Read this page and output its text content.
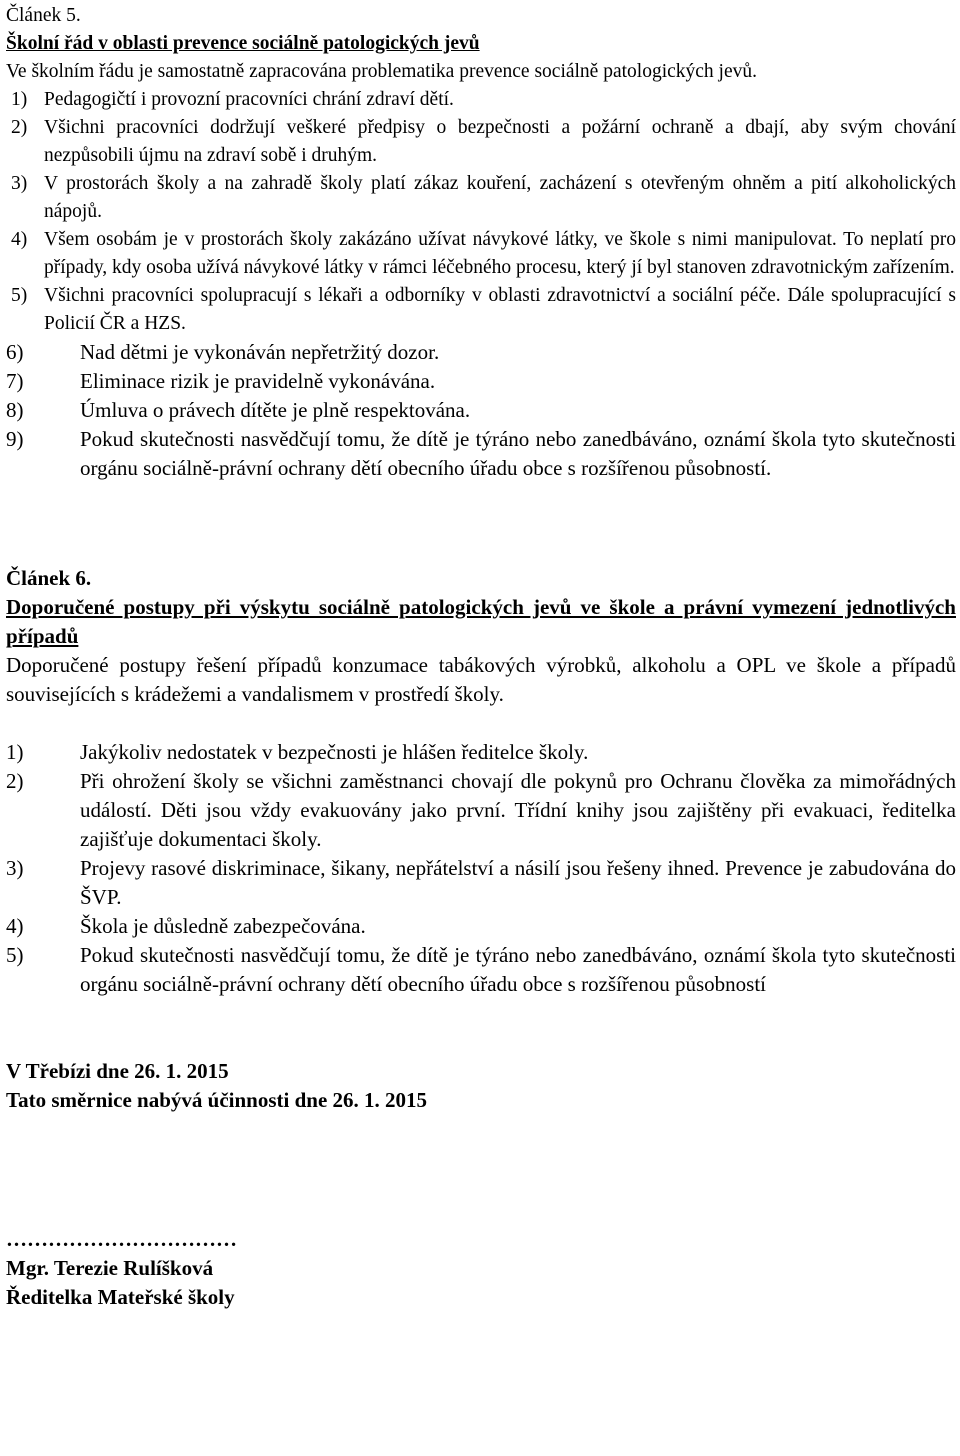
Článek 5.
Školní řád v oblasti prevence sociálně patologických jevů
Ve školním řádu je samostatně zapracována problematika prevence sociálně patologických jevů.
1) Pedagogičtí i provozní pracovníci chrání zdraví dětí.
2) Všichni pracovníci dodržují veškeré předpisy o bezpečnosti a požární ochraně a dbají, aby svým chování nezpůsobili újmu na zdraví sobě i druhým.
3) V prostorách školy a na zahradě školy platí zákaz kouření, zacházení s otevřeným ohněm a pití alkoholických nápojů.
4) Všem osobám je v prostorách školy zakázáno užívat návykové látky, ve škole s nimi manipulovat. To neplatí pro případy, kdy osoba užívá návykové látky v rámci léčebného procesu, který jí byl stanoven zdravotnickým zařízením.
5) Všichni pracovníci spolupracují s lékaři a odborníky v oblasti zdravotnictví a sociální péče. Dále spolupracující s Policií ČR a HZS.
6)	Nad dětmi je vykonáván nepřetržitý dozor.
7)	Eliminace rizik je pravidelně vykonávána.
8)	Úmluva o právech dítěte je plně respektována.
9)	Pokud skutečnosti nasvědčují tomu, že dítě je týráno nebo zanedbáváno, oznámí škola tyto skutečnosti orgánu sociálně-právní ochrany dětí obecního úřadu obce s rozšířenou působností.
Článek 6.
Doporučené postupy při výskytu sociálně patologických jevů ve škole a právní vymezení jednotlivých případů
Doporučené postupy řešení případů konzumace tabákových výrobků, alkoholu a OPL ve škole a případů souvisejících s krádežemi a vandalismem v prostředí školy.
1)	Jakýkoliv nedostatek v bezpečnosti je hlášen ředitelce školy.
2)	Při ohrožení školy se všichni zaměstnanci chovají dle pokynů pro Ochranu člověka za mimořádných událostí. Děti jsou vždy evakuovány jako první. Třídní knihy jsou zajištěny při evakuaci, ředitelka zajišťuje dokumentaci školy.
3)	Projevy rasové diskriminace, šikany, nepřátelství a násilí jsou řešeny ihned. Prevence je zabudována do ŠVP.
4)	Škola je důsledně zabezpečována.
5)	Pokud skutečnosti nasvědčují tomu, že dítě je týráno nebo zanedbáváno, oznámí škola tyto skutečnosti orgánu sociálně-právní ochrany dětí obecního úřadu obce s rozšířenou působností
V Třebízi dne 26. 1. 2015
Tato směrnice nabývá účinnosti dne 26. 1. 2015
……………………………
Mgr. Terezie Rulíšková
Ředitelka Mateřské školy
